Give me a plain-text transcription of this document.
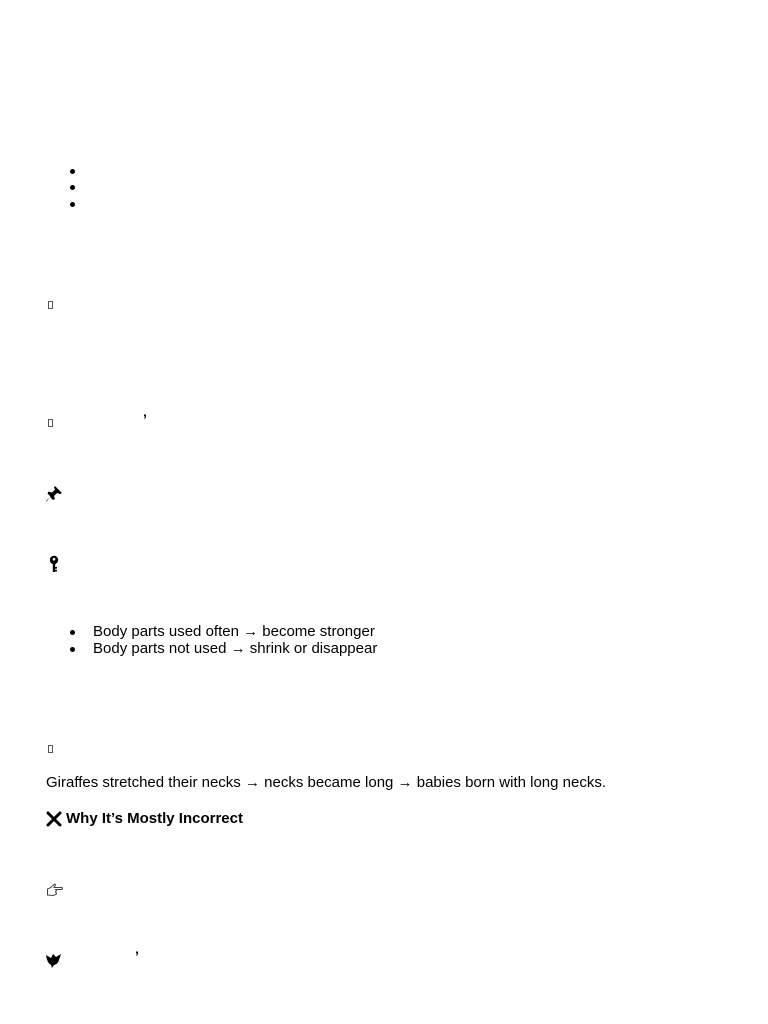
’
Body parts used often → become stronger
Body parts not used → shrink or disappear

Giraffes stretched their necks → necks became long → babies born with long necks.

Why It’s Mostly Incorrect
’
